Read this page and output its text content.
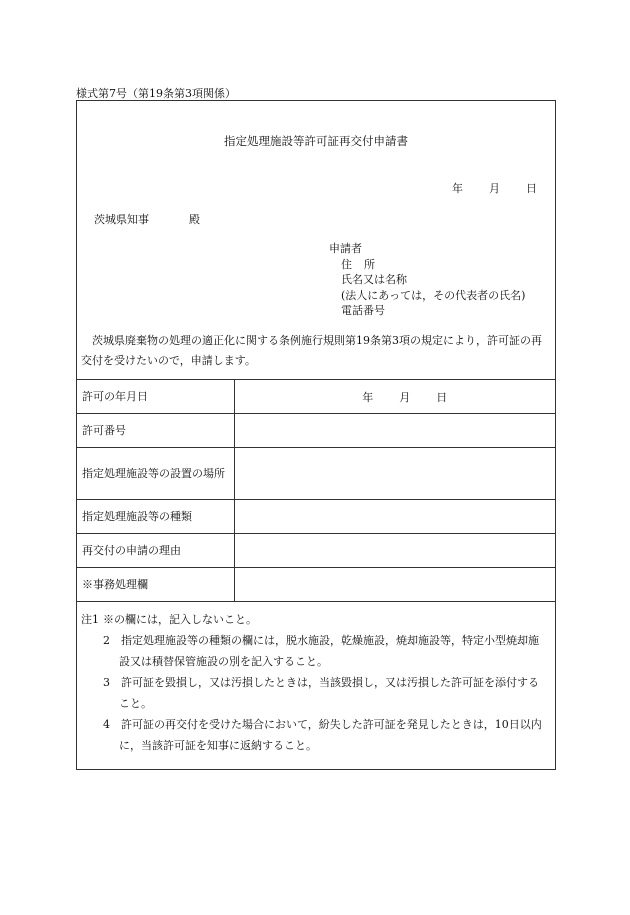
様式第7号（第19条第3項関係）
指定処理施設等許可証再交付申請書
年 月 日
茨城県知事	殿
申請者
住 所
氏名又は名称
(法人にあっては，その代表者の氏名)
電話番号
茨城県廃棄物の処理の適正化に関する条例施行規則第19条第3項の規定により，許可証の再交付を受けたいので，申請します。
許可の年月日	年 月 日

許可番号	
指定処理施設等の設置の場所	
指定処理施設等の種類	
再交付の申請の理由	
※事務処理欄	
注1 ※の欄には，記入しないこと。
2　 指定処理施設等の種類の欄には，脱水施設，乾燥施設，焼却施設等，特定小型焼却施設又は積替保管施設の別を記入すること。
3　 許可証を毀損し，又は汚損したときは，当該毀損し，又は汚損した許可証を添付すること。
4　 許可証の再交付を受けた場合において，紛失した許可証を発見したときは，10日以内に，当該許可証を知事に返納すること。
